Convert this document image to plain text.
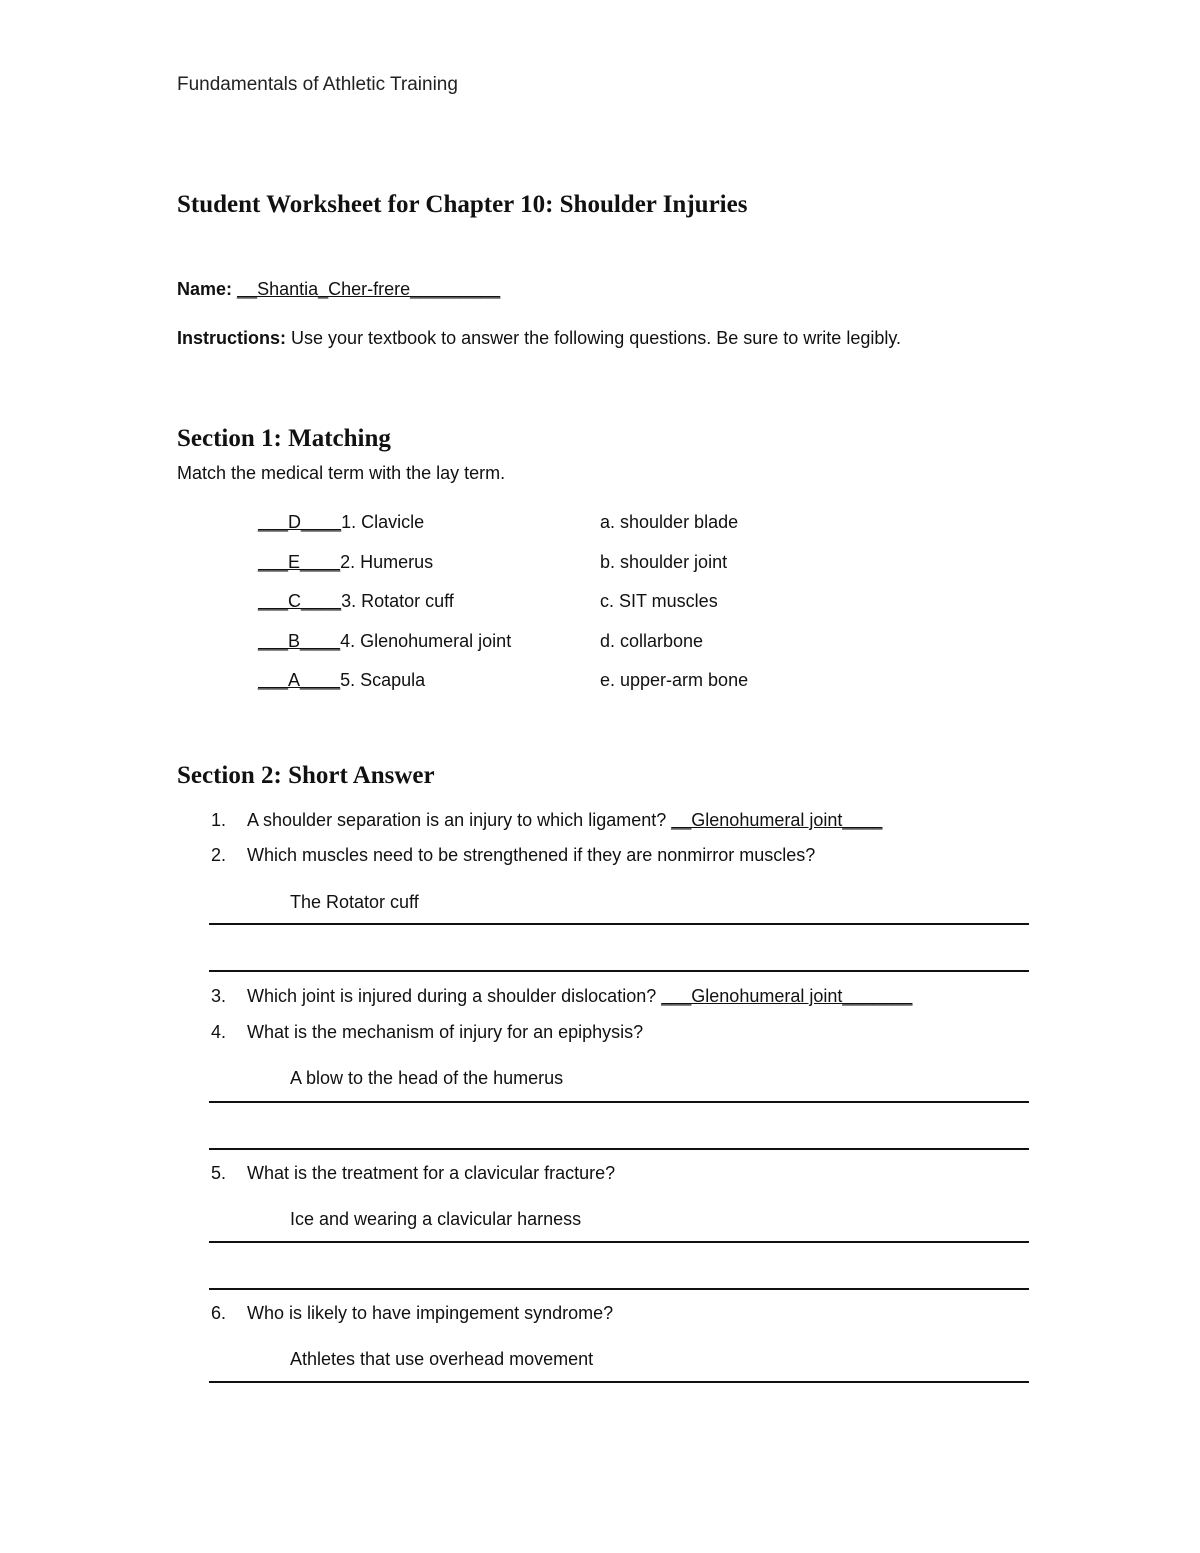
Fundamentals of Athletic Training
Student Worksheet for Chapter 10: Shoulder Injuries
Name: __Shantia_Cher-frere_________
Instructions: Use your textbook to answer the following questions. Be sure to write legibly.
Section 1: Matching
Match the medical term with the lay term.
___D____1. Clavicle	a. shoulder blade
___E____2. Humerus	b. shoulder joint
___C____3. Rotator cuff	c. SIT muscles
___B____4. Glenohumeral joint	d. collarbone
___A____5. Scapula	e. upper-arm bone
Section 2: Short Answer
1. A shoulder separation is an injury to which ligament? __Glenohumeral joint____
2. Which muscles need to be strengthened if they are nonmirror muscles?
The Rotator cuff
3. Which joint is injured during a shoulder dislocation? ___Glenohumeral joint_______
4. What is the mechanism of injury for an epiphysis?
A blow to the head of the humerus
5. What is the treatment for a clavicular fracture?
Ice and wearing a clavicular harness
6. Who is likely to have impingement syndrome?
Athletes that use overhead movement
